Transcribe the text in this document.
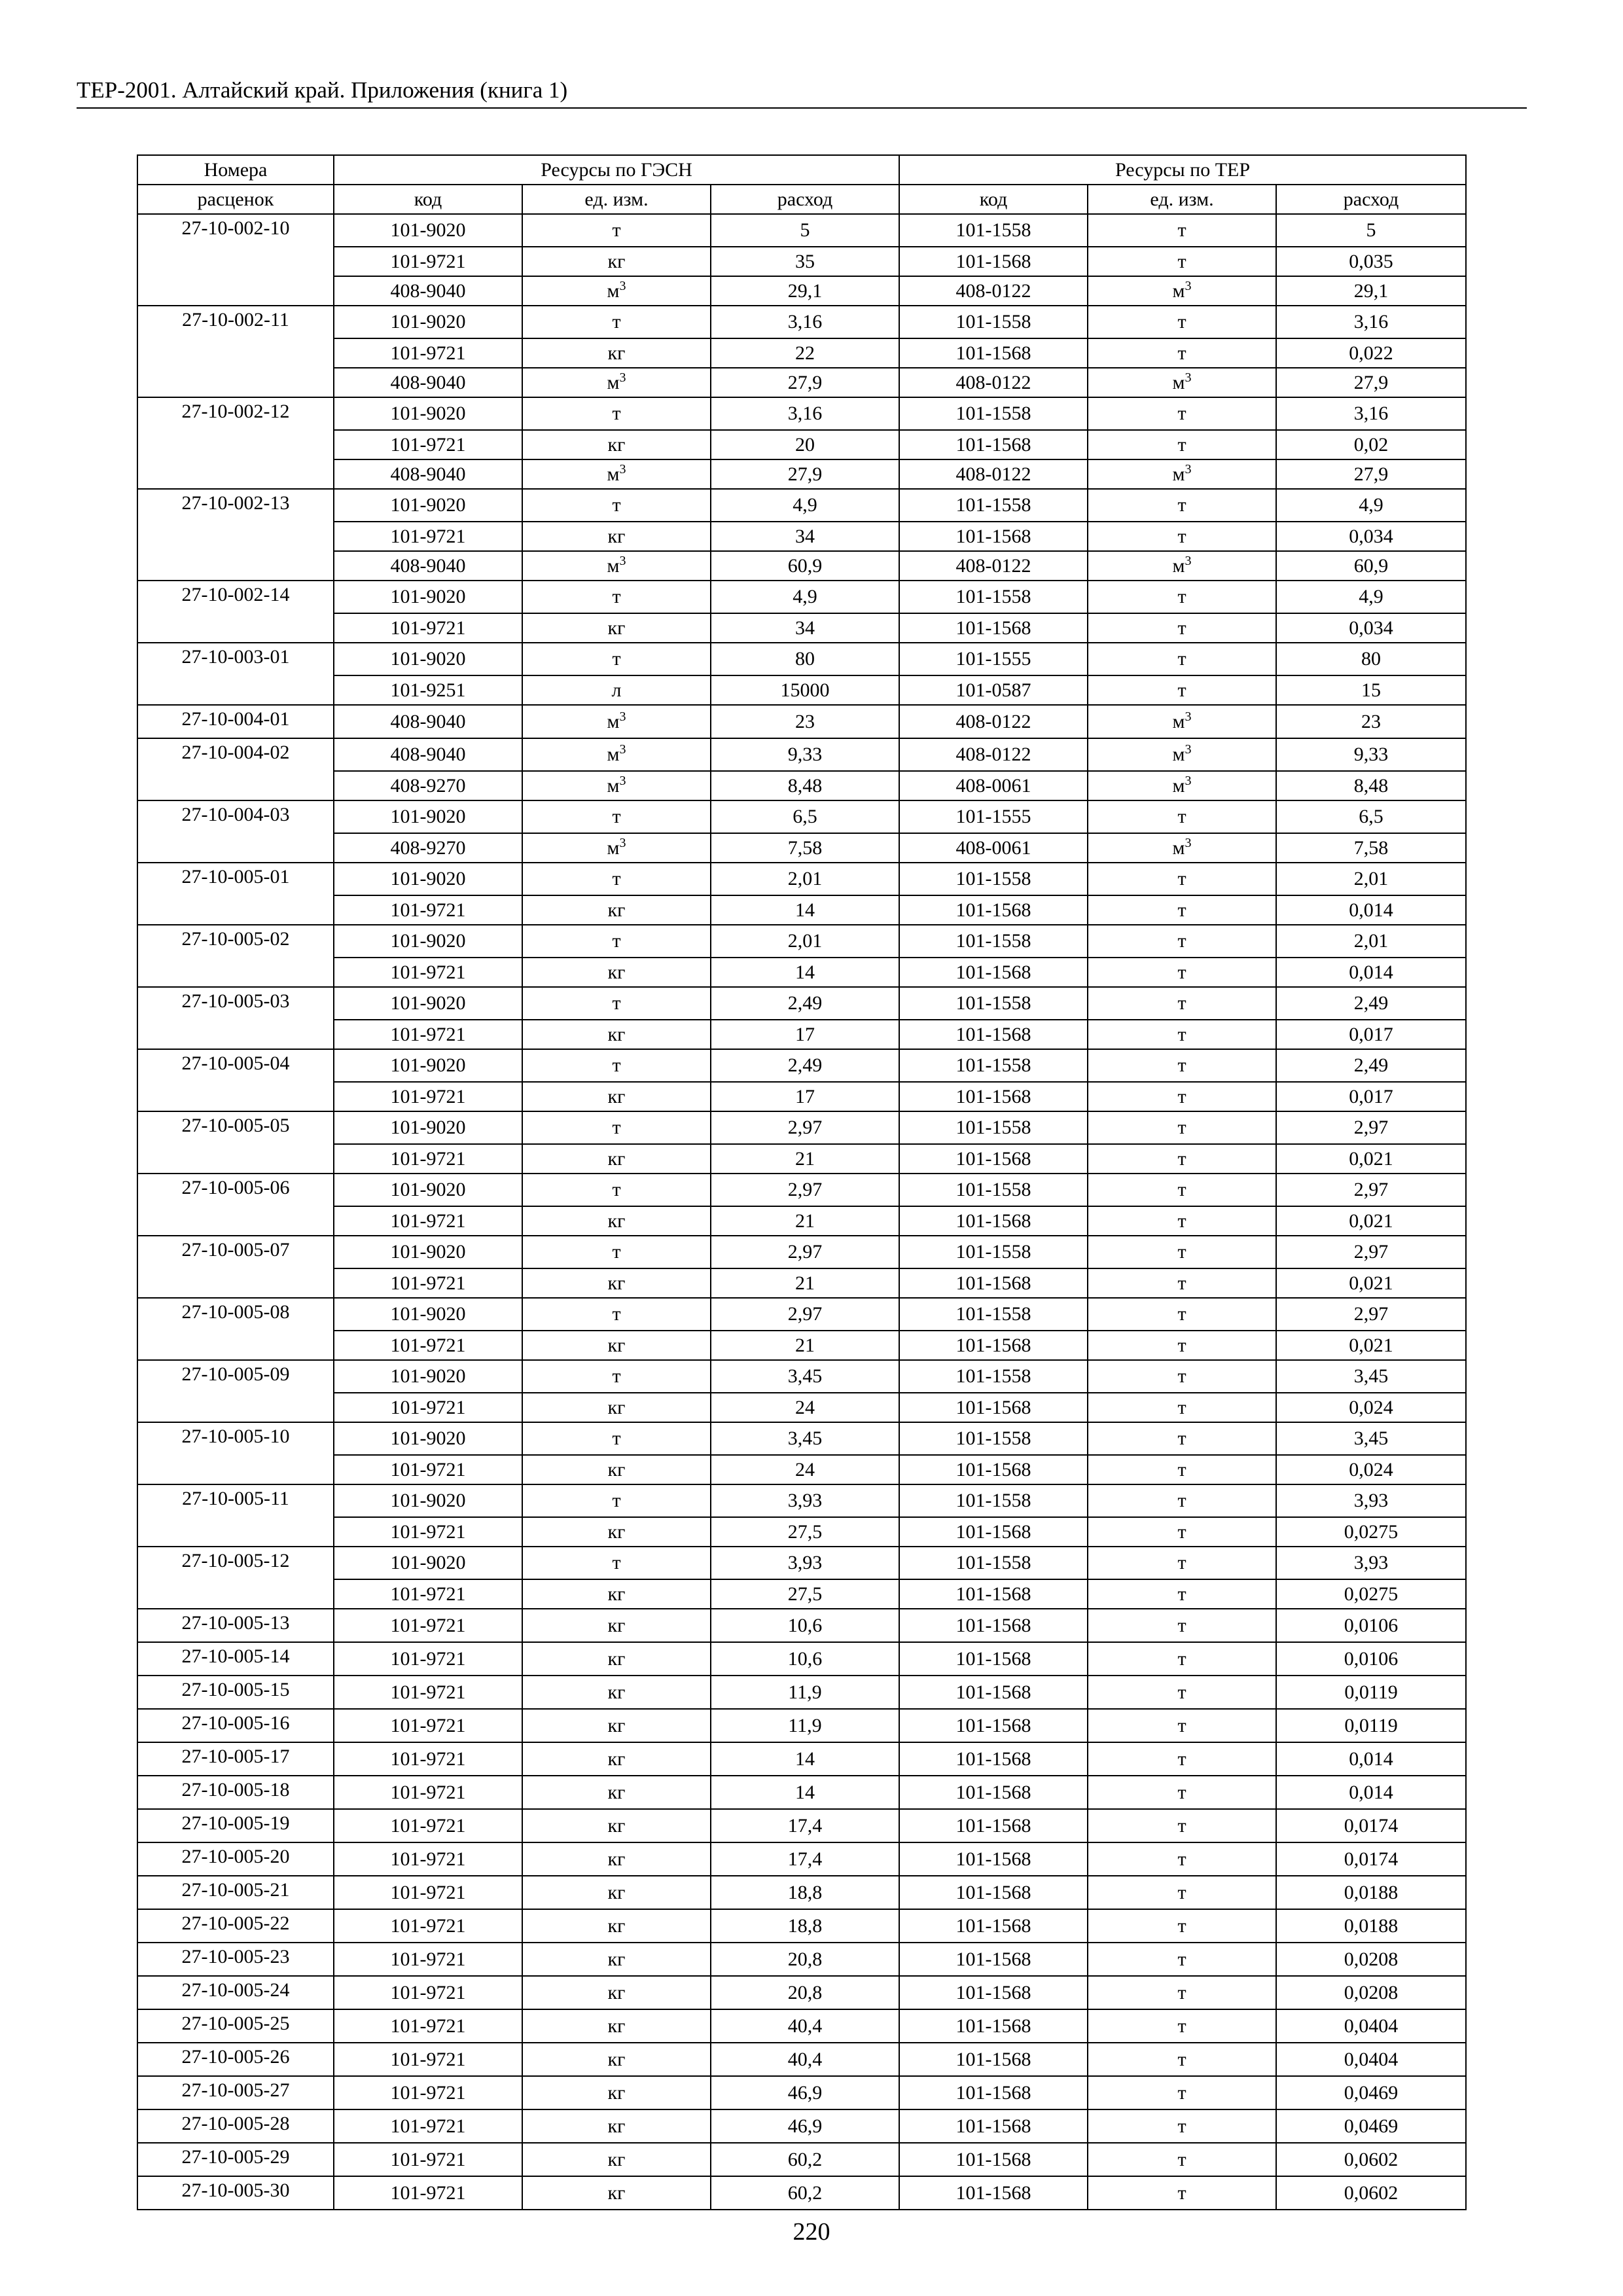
ТЕР-2001. Алтайский край. Приложения (книга 1)
Номера	Ресурсы по ГЭСН			Ресурсы по ТЕР		
расценок	код	ед. изм.	расход	код	ед. изм.	расход
27-10-002-10	101-9020	т	5	101-1558	т	5
	101-9721	кг	35	101-1568	т	0,035
	408-9040	$м^3$	29,1	408-0122	$м^3$	29,1
27-10-002-11	101-9020	т	3,16	101-1558	т	3,16
	101-9721	кг	22	101-1568	т	0,022
	408-9040	$м^3$	27,9	408-0122	$м^3$	27,9
27-10-002-12	101-9020	т	3,16	101-1558	т	3,16
	101-9721	кг	20	101-1568	т	0,02
	408-9040	$м^3$	27,9	408-0122	$м^3$	27,9
27-10-002-13	101-9020	т	4,9	101-1558	т	4,9
	101-9721	кг	34	101-1568	т	0,034
	408-9040	$м^3$	60,9	408-0122	$м^3$	60,9
27-10-002-14	101-9020	т	4,9	101-1558	т	4,9
	101-9721	кг	34	101-1568	т	0,034
27-10-003-01	101-9020	т	80	101-1555	т	80
	101-9251	л	15000	101-0587	т	15
27-10-004-01	408-9040	$м^3$	23	408-0122	$м^3$	23
27-10-004-02	408-9040	$м^3$	9,33	408-0122	$м^3$	9,33
	408-9270	$м^3$	8,48	408-0061	$м^3$	8,48
27-10-004-03	101-9020	т	6,5	101-1555	т	6,5
	408-9270	$м^3$	7,58	408-0061	$м^3$	7,58
27-10-005-01	101-9020	т	2,01	101-1558	т	2,01
	101-9721	кг	14	101-1568	т	0,014
27-10-005-02	101-9020	т	2,01	101-1558	т	2,01
	101-9721	кг	14	101-1568	т	0,014
27-10-005-03	101-9020	т	2,49	101-1558	т	2,49
	101-9721	кг	17	101-1568	т	0,017
27-10-005-04	101-9020	т	2,49	101-1558	т	2,49
	101-9721	кг	17	101-1568	т	0,017
27-10-005-05	101-9020	т	2,97	101-1558	т	2,97
	101-9721	кг	21	101-1568	т	0,021
27-10-005-06	101-9020	т	2,97	101-1558	т	2,97
	101-9721	кг	21	101-1568	т	0,021
27-10-005-07	101-9020	т	2,97	101-1558	т	2,97
	101-9721	кг	21	101-1568	т	0,021
27-10-005-08	101-9020	т	2,97	101-1558	т	2,97
	101-9721	кг	21	101-1568	т	0,021
27-10-005-09	101-9020	т	3,45	101-1558	т	3,45
	101-9721	кг	24	101-1568	т	0,024
27-10-005-10	101-9020	т	3,45	101-1558	т	3,45
	101-9721	кг	24	101-1568	т	0,024
27-10-005-11	101-9020	т	3,93	101-1558	т	3,93
	101-9721	кг	27,5	101-1568	т	0,0275
27-10-005-12	101-9020	т	3,93	101-1558	т	3,93
	101-9721	кг	27,5	101-1568	т	0,0275
27-10-005-13	101-9721	кг	10,6	101-1568	т	0,0106
27-10-005-14	101-9721	кг	10,6	101-1568	т	0,0106
27-10-005-15	101-9721	кг	11,9	101-1568	т	0,0119
27-10-005-16	101-9721	кг	11,9	101-1568	т	0,0119
27-10-005-17	101-9721	кг	14	101-1568	т	0,014
27-10-005-18	101-9721	кг	14	101-1568	т	0,014
27-10-005-19	101-9721	кг	17,4	101-1568	т	0,0174
27-10-005-20	101-9721	кг	17,4	101-1568	т	0,0174
27-10-005-21	101-9721	кг	18,8	101-1568	т	0,0188
27-10-005-22	101-9721	кг	18,8	101-1568	т	0,0188
27-10-005-23	101-9721	кг	20,8	101-1568	т	0,0208
27-10-005-24	101-9721	кг	20,8	101-1568	т	0,0208
27-10-005-25	101-9721	кг	40,4	101-1568	т	0,0404
27-10-005-26	101-9721	кг	40,4	101-1568	т	0,0404
27-10-005-27	101-9721	кг	46,9	101-1568	т	0,0469
27-10-005-28	101-9721	кг	46,9	101-1568	т	0,0469
27-10-005-29	101-9721	кг	60,2	101-1568	т	0,0602
27-10-005-30	101-9721	кг	60,2	101-1568	т	0,0602
220
